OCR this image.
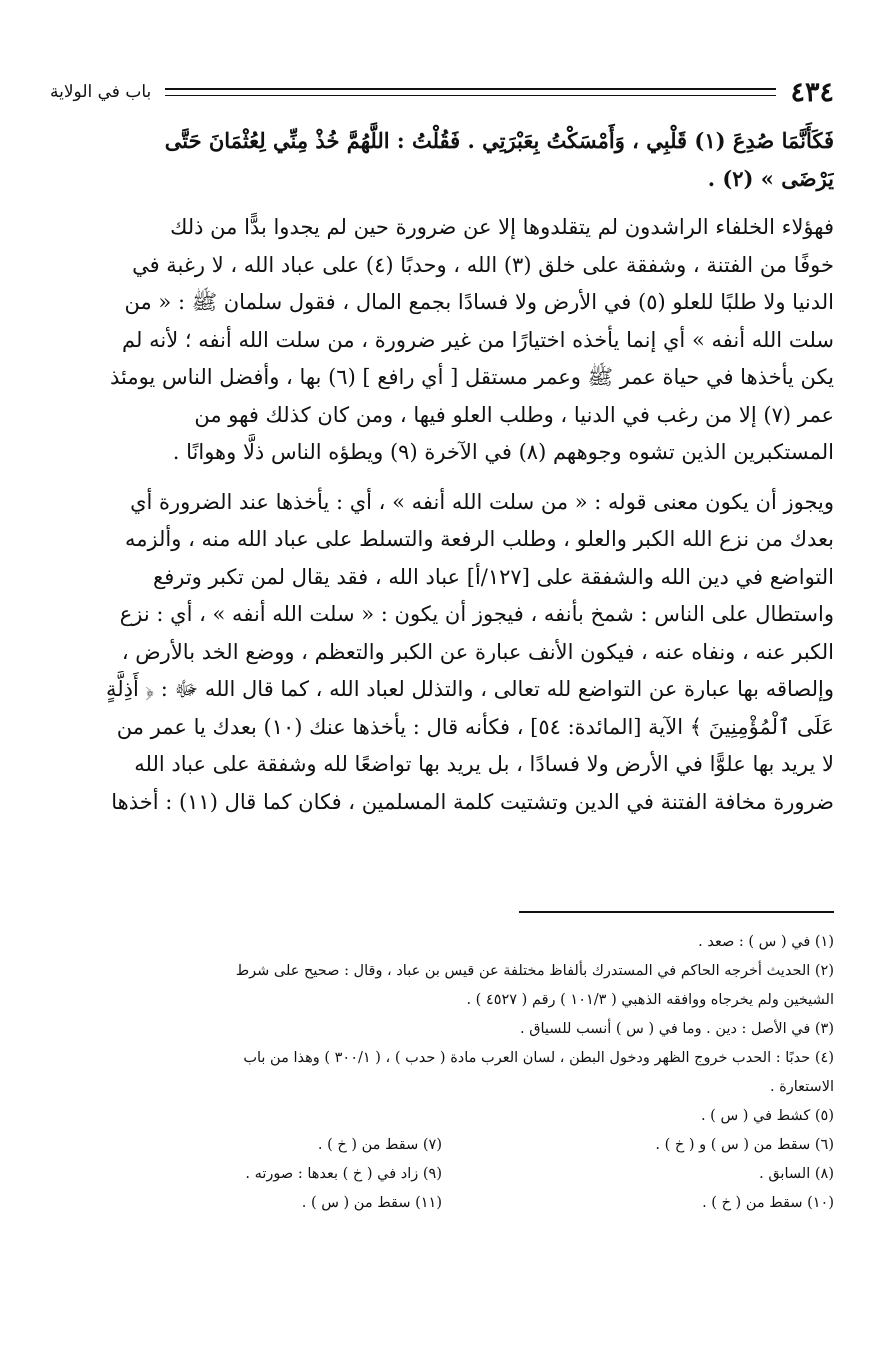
٤٣٤
باب في الولاية
فَكَأَنَّمَا صُدِعَ (١) قَلْبِي ، وَأَمْسَكْتُ بِعَبْرَتِي . فَقُلْتُ : اللَّهُمَّ خُذْ مِنِّي لِعُثْمَانَ حَتَّى
يَرْضَى » (٢) .
فهؤلاء الخلفاء الراشدون لم يتقلدوها إلا عن ضرورة حين لم يجدوا بدًّا من ذلك
خوفًا من الفتنة ، وشفقة على خلق (٣) الله ، وحدبًا (٤) على عباد الله ، لا رغبة في
الدنيا ولا طلبًا للعلو (٥) في الأرض ولا فسادًا بجمع المال ، فقول سلمان ﷺ : « من
سلت الله أنفه » أي إنما يأخذه اختيارًا من غير ضرورة ، من سلت الله أنفه ؛ لأنه لم
يكن يأخذها في حياة عمر ﷺ وعمر مستقل [ أي رافع ] (٦) بها ، وأفضل الناس يومئذ
عمر (٧) إلا من رغب في الدنيا ، وطلب العلو فيها ، ومن كان كذلك فهو من
المستكبرين الذين تشوه وجوههم (٨) في الآخرة (٩) ويطؤه الناس ذلًّا وهوانًا .
ويجوز أن يكون معنى قوله : « من سلت الله أنفه » ، أي : يأخذها عند الضرورة أي
بعدك من نزع الله الكبر والعلو ، وطلب الرفعة والتسلط على عباد الله منه ، وألزمه
التواضع في دين الله والشفقة على [١٢٧/أ] عباد الله ، فقد يقال لمن تكبر وترفع
واستطال على الناس : شمخ بأنفه ، فيجوز أن يكون : « سلت الله أنفه » ، أي : نزع
الكبر عنه ، ونفاه عنه ، فيكون الأنف عبارة عن الكبر والتعظم ، ووضع الخد بالأرض ،
وإلصاقه بها عبارة عن التواضع لله تعالى ، والتذلل لعباد الله ، كما قال الله ﷻ : ﴿ أَذِلَّةٍ
عَلَى ٱلْمُؤْمِنِينَ ﴾ الآية [المائدة: ٥٤] ، فكأنه قال : يأخذها عنك (١٠) بعدك يا عمر من
لا يريد بها علوًّا في الأرض ولا فسادًا ، بل يريد بها تواضعًا لله وشفقة على عباد الله
ضرورة مخافة الفتنة في الدين وتشتيت كلمة المسلمين ، فكان كما قال (١١) : أخذها
(١) في ( س ) : صعد .
(٢) الحديث أخرجه الحاكم في المستدرك بألفاظ مختلفة عن قيس بن عباد ، وقال : صحيح على شرط
الشيخين ولم يخرجاه ووافقه الذهبي ( ١٠١/٣ ) رقم ( ٤٥٢٧ ) .
(٣) في الأصل : دين . وما في ( س ) أنسب للسياق .
(٤) حدبًا : الحدب خروج الظهر ودخول البطن ، لسان العرب مادة ( حدب ) ، ( ٣٠٠/١ ) وهذا من باب
الاستعارة .
(٥) كشط في ( س ) .
(٦) سقط من ( س ) و ( خ ) .
(٧) سقط من ( خ ) .
(٨) السابق .
(٩) زاد في ( خ ) بعدها : صورته .
(١٠) سقط من ( خ ) .
(١١) سقط من ( س ) .
